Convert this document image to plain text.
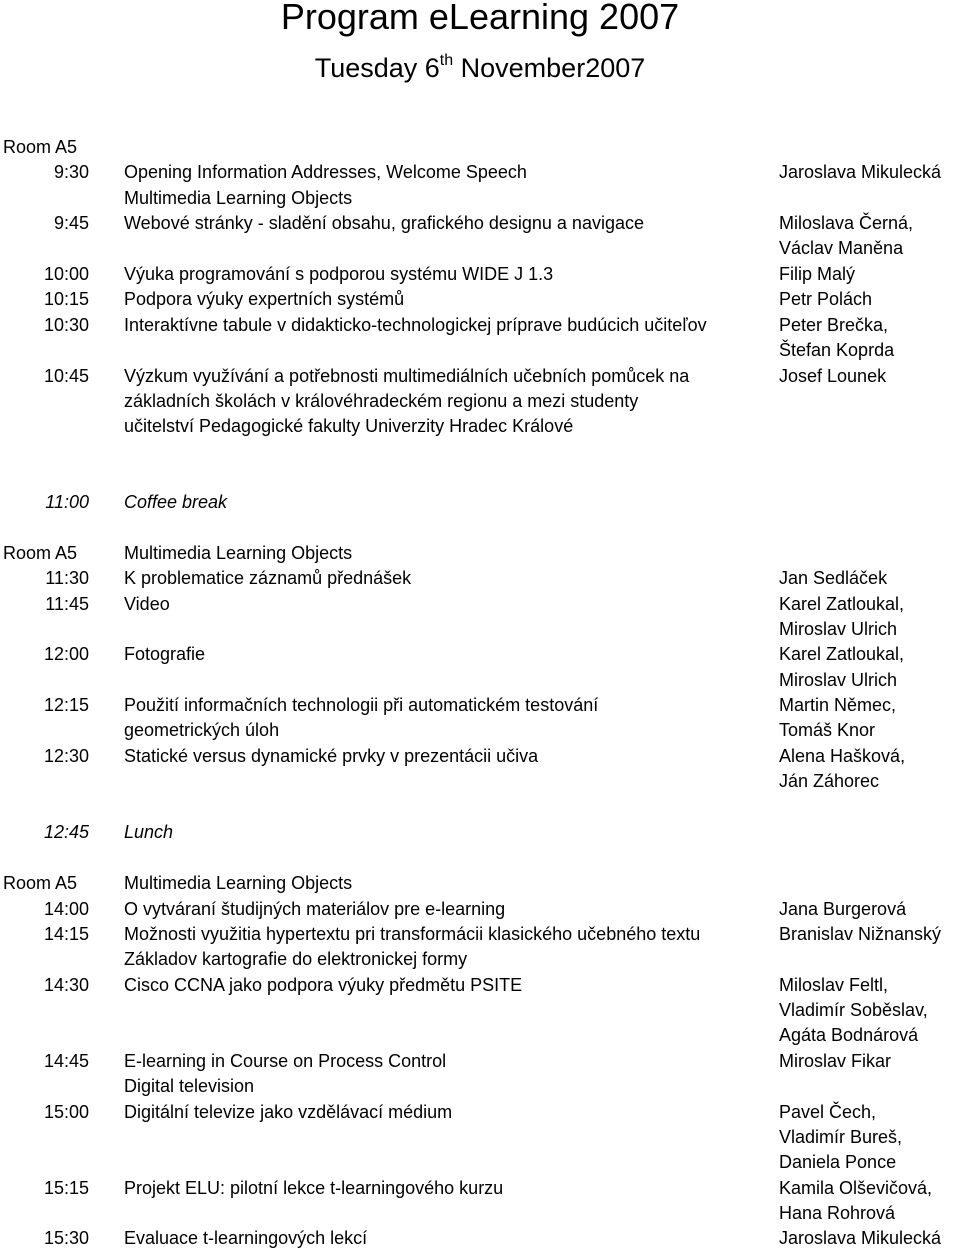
Program eLearning 2007
Tuesday 6th November2007
Room A5
9:30 Opening Information Addresses, Welcome Speech	Jaroslava Mikulecká
Multimedia Learning Objects
9:45 Webové stránky - sladění obsahu, grafického designu a navigace	Miloslava Černá,
Václav Maněna
10:00 Výuka programování s podporou systému WIDE J 1.3	Filip Malý
10:15 Podpora výuky expertních systémů	Petr Polách
10:30 Interaktívne tabule v didakticko-technologickej príprave budúcich učiteľov	Peter Brečka,
Štefan Koprda
10:45 Výzkum využívání a potřebnosti multimediálních učebních pomůcek na	Josef Lounek
základních školách v královéhradeckém regionu a mezi studenty
učitelství Pedagogické fakulty Univerzity Hradec Králové
11:00 Coffee break
Room A5	Multimedia Learning Objects
11:30 K problematice záznamů přednášek	Jan Sedláček
11:45 Video	Karel Zatloukal,
Miroslav Ulrich
12:00 Fotografie	Karel Zatloukal,
Miroslav Ulrich
12:15 Použití informačních technologii při automatickém testování	Martin Němec,
geometrických úloh	Tomáš Knor
12:30 Statické versus dynamické prvky v prezentácii učiva	Alena Hašková,
Ján Záhorec
12:45 Lunch
Room A5	Multimedia Learning Objects
14:00 O vytváraní študijných materiálov pre e-learning	Jana Burgerová
14:15 Možnosti využitia hypertextu pri transformácii klasického učebného textu	Branislav Nižnanský
Základov kartografie do elektronickej formy
14:30 Cisco CCNA jako podpora výuky předmětu PSITE	Miloslav Feltl,
Vladimír Soběslav,
Agáta Bodnárová
14:45 E-learning in Course on Process Control	Miroslav Fikar
Digital television
15:00 Digitální televize jako vzdělávací médium	Pavel Čech,
Vladimír Bureš,
Daniela Ponce
15:15 Projekt ELU: pilotní lekce t-learningového kurzu	Kamila Olševičová,
Hana Rohrová
15:30 Evaluace t-learningových lekcí	Jaroslava Mikulecká
